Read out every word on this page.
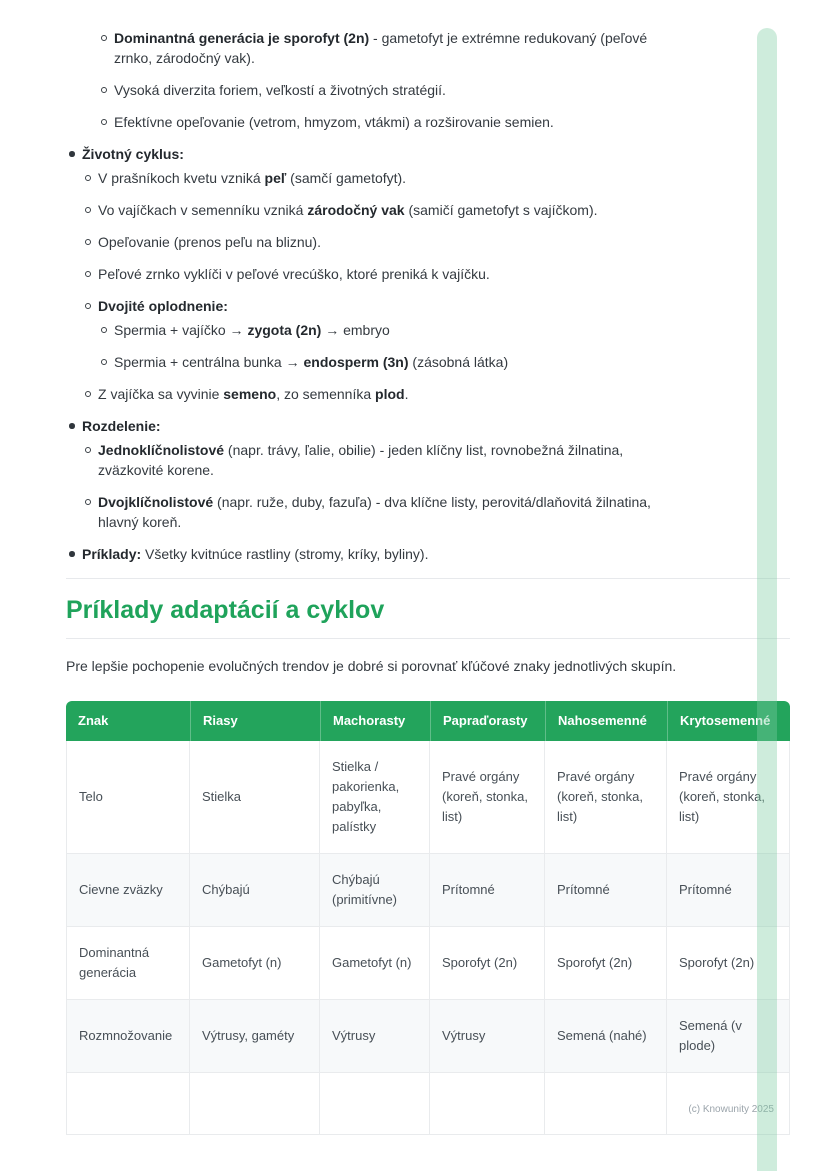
Dominantná generácia je sporofyt (2n) - gametofyt je extrémne redukovaný (peľové zrnko, zárodočný vak).
Vysoká diverzita foriem, veľkostí a životných stratégií.
Efektívne opeľovanie (vetrom, hmyzom, vtákmi) a rozširovanie semien.
Životný cyklus:
V prašníkoch kvetu vzniká peľ (samčí gametofyt).
Vo vajíčkach v semenníku vzniká zárodočný vak (samičí gametofyt s vajíčkom).
Opeľovanie (prenos peľu na bliznu).
Peľové zrnko vyklíči v peľové vrecúško, ktoré preniká k vajíčku.
Dvojité oplodnenie:
Spermia + vajíčko → zygota (2n) → embryo
Spermia + centrálna bunka → endosperm (3n) (zásobná látka)
Z vajíčka sa vyvinie semeno, zo semenníka plod.
Rozdelenie:
Jednoklíčnolistové (napr. trávy, ľalie, obilie) - jeden klíčny list, rovnobežná žilnatina, zväzkovité korene.
Dvojklíčnolistové (napr. ruže, duby, fazuľa) - dva klíčne listy, perovitá/dlaňovitá žilnatina, hlavný koreň.
Príklady: Všetky kvitnúce rastliny (stromy, kríky, byliny).
Príklady adaptácií a cyklov

Pre lepšie pochopenie evolučných trendov je dobré si porovnať kľúčové znaky jednotlivých skupín.

Znak	Riasy	Machorasty	Papraďorasty	Nahosemenné	Krytosemenné
Telo	Stielka	Stielka / pakorienka, pabyľka, palístky	Pravé orgány (koreň, stonka, list)	Pravé orgány (koreň, stonka, list)	Pravé orgány (koreň, stonka, list)
Cievne zväzky	Chýbajú	Chýbajú (primitívne)	Prítomné	Prítomné	Prítomné
Dominantná generácia	Gametofyt (n)	Gametofyt (n)	Sporofyt (2n)	Sporofyt (2n)	Sporofyt (2n)
Rozmnožovanie	Výtrusy, gaméty	Výtrusy	Výtrusy	Semená (nahé)	Semená (v plode)

(c) Knowunity 2025
